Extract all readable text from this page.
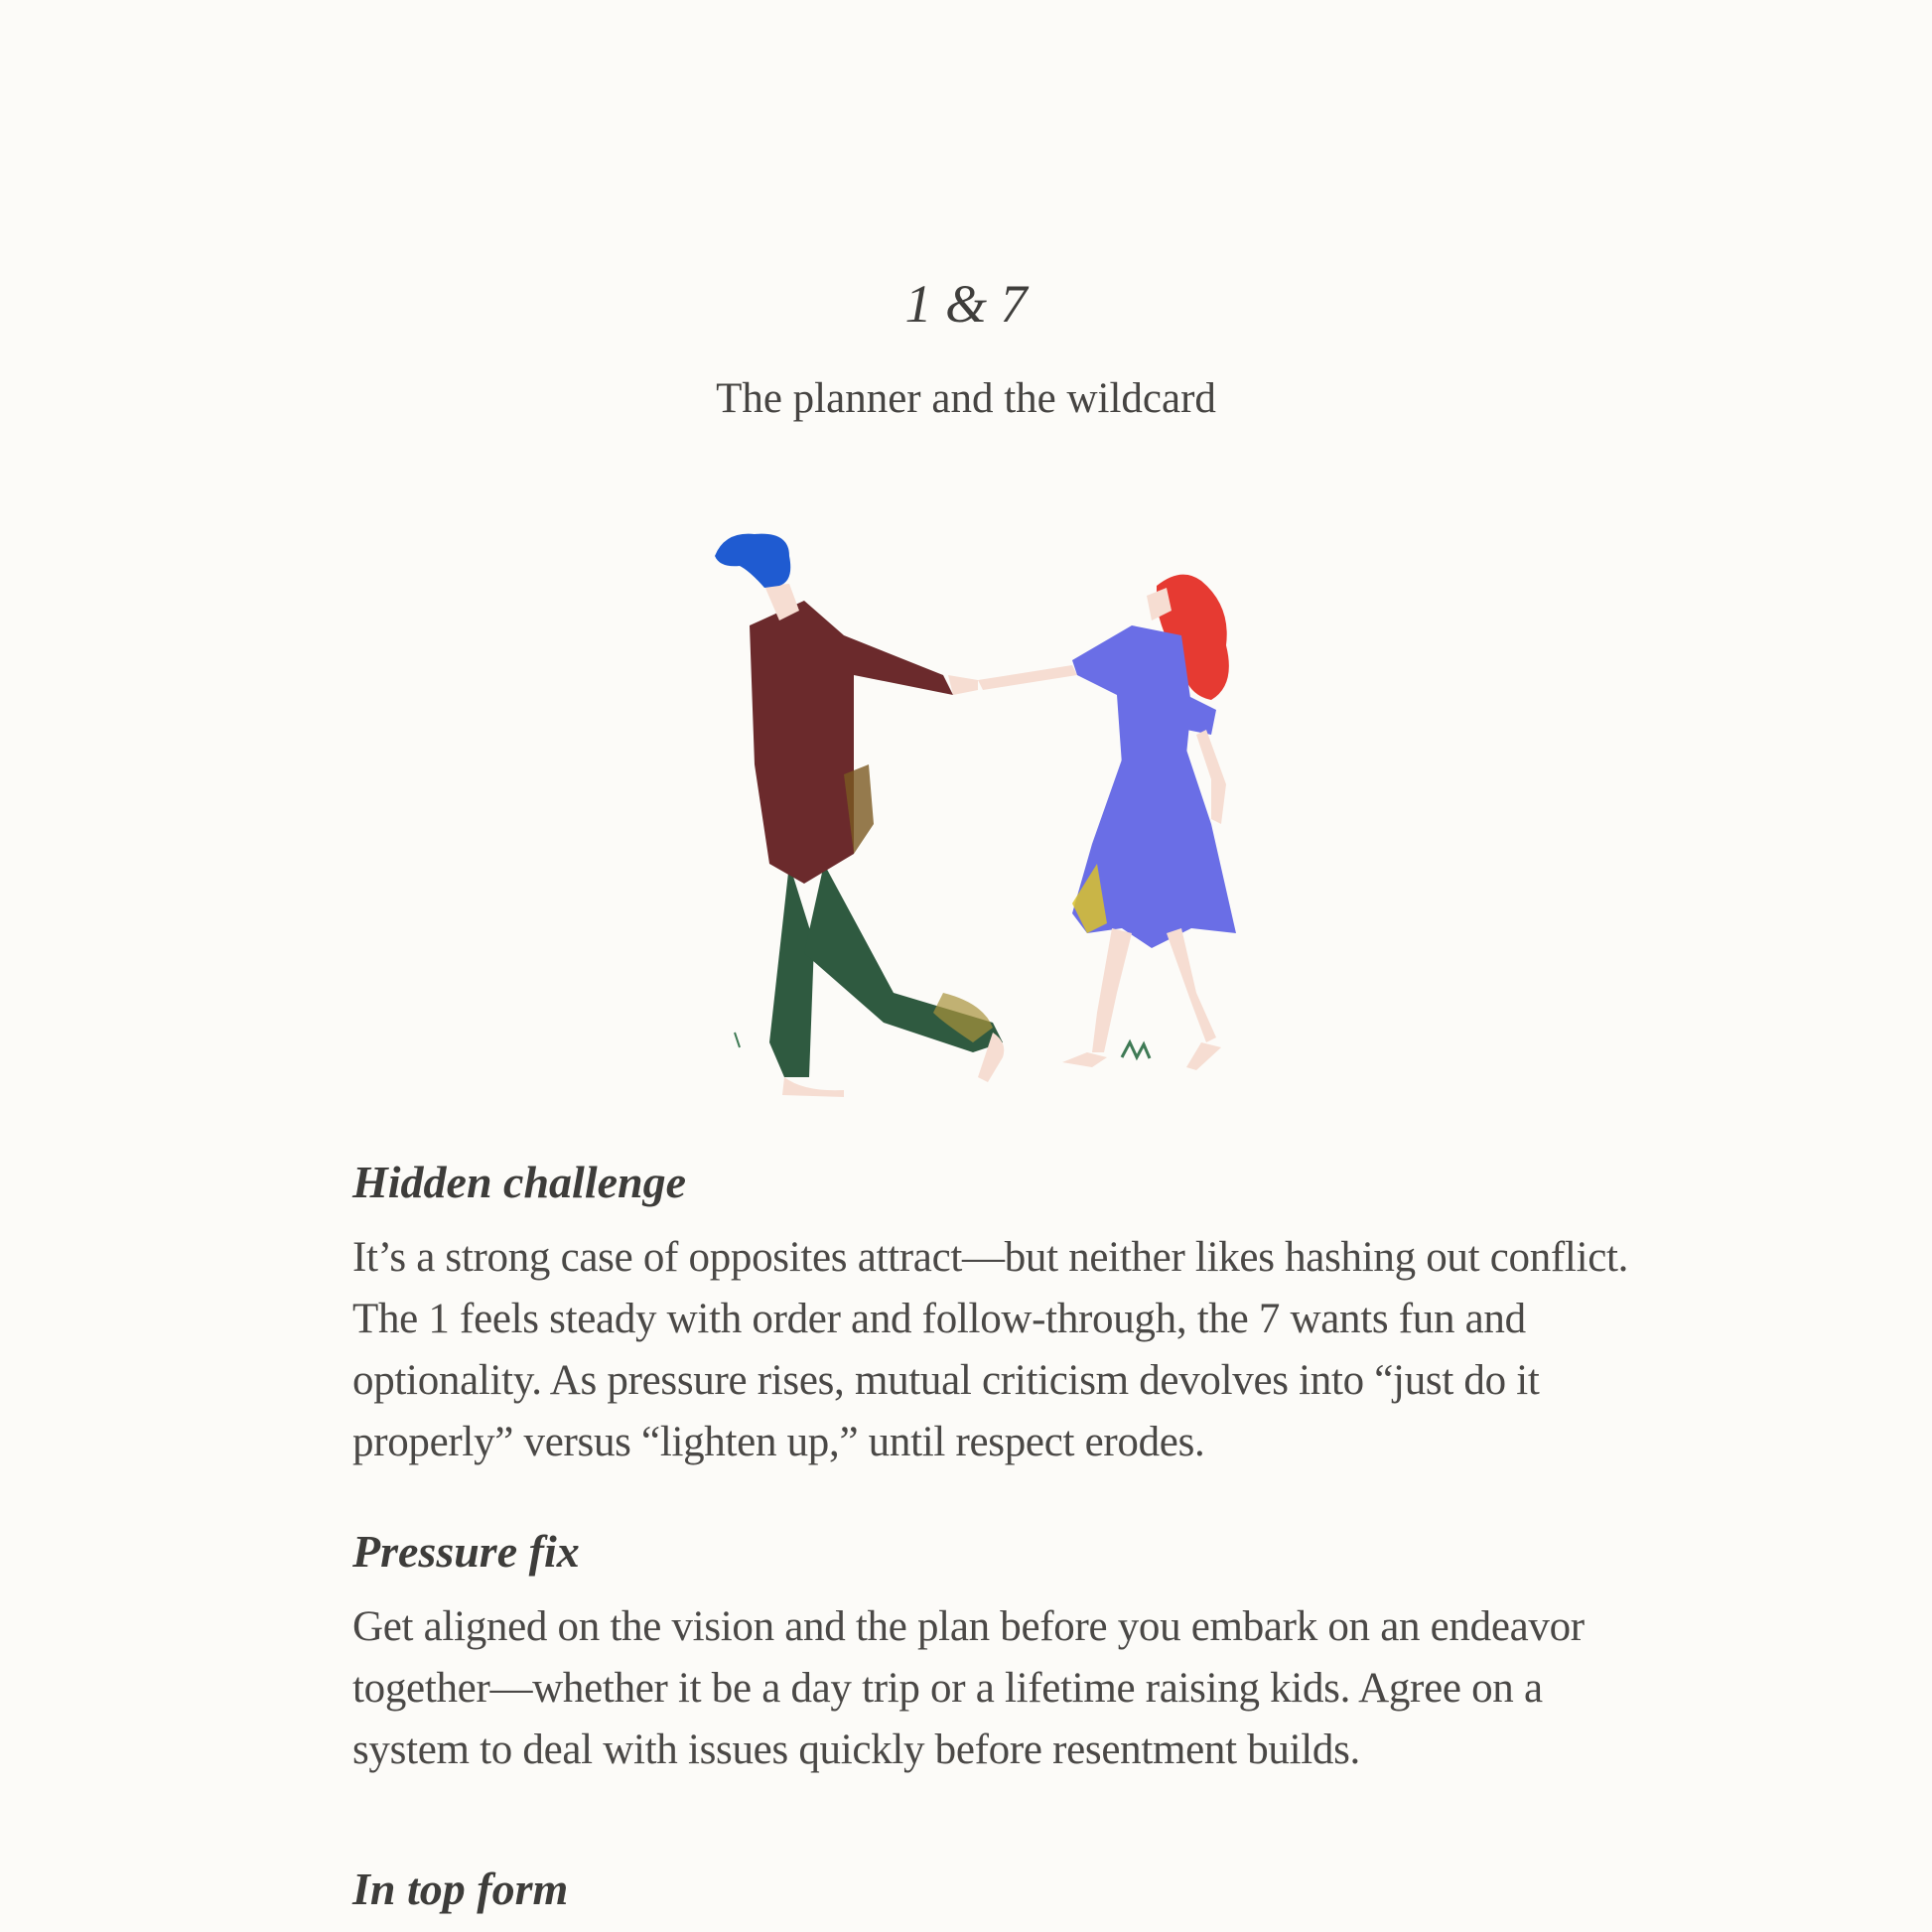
1 & 7
The planner and the wildcard
Hidden challenge

It’s a strong case of opposites attract—but neither likes hashing out conflict. The 1 feels steady with order and follow-through, the 7 wants fun and optionality. As pressure rises, mutual criticism devolves into “just do it properly” versus “lighten up,” until respect erodes.

Pressure fix

Get aligned on the vision and the plan before you embark on an endeavor together—whether it be a day trip or a lifetime raising kids. Agree on a system to deal with issues quickly before resentment builds.

In top form
